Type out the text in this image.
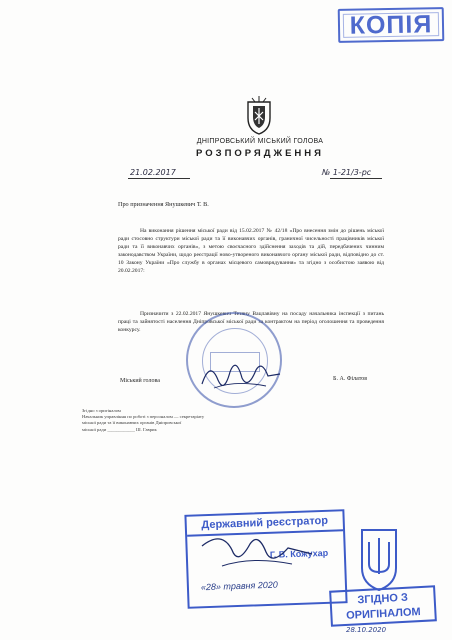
КОПІЯ
ДНІПРОВСЬКИЙ МІСЬКИЙ ГОЛОВА
РОЗПОРЯДЖЕННЯ
21.02.2017	№ 1-21/3-рс
Про призначення Янушкевич Т. В.
На виконання рішення міської ради від 15.02.2017 № 42/18 «Про внесення змін до рішень міської ради стосовно структури міської ради та її виконавчих органів, граничної чисельності працівників міської ради та її виконавчих органів», з метою своєчасного здійснення заходів та дій, передбачених чинним законодавством України, щодо реєстрації ново-утвореного виконавчого органу міської ради, відповідно до ст. 10 Закону України «Про службу в органах місцевого самоврядування» та згідно з особистою заявою від 20.02.2017:
Призначити з 22.02.2017 Янушкевич Тетяну Вацлавівну на посаду начальника інспекції з питань праці та зайнятості населення Дніпровської міської ради за контрактом на період оголошення та проведення конкурсу.
Міський голова	Б. А. Філатов
Згідно з оригіналом
Начальник управління по роботі з персоналом — секретаріату
міської ради та її виконавчих органів Дніпровської
міської ради ____________ Ш. Гаврик
Державний реєстратор
Г. В. Кожухар
«28» травня 2020
ЗГІДНО З
ОРИГІНАЛОМ
28.10.2020
